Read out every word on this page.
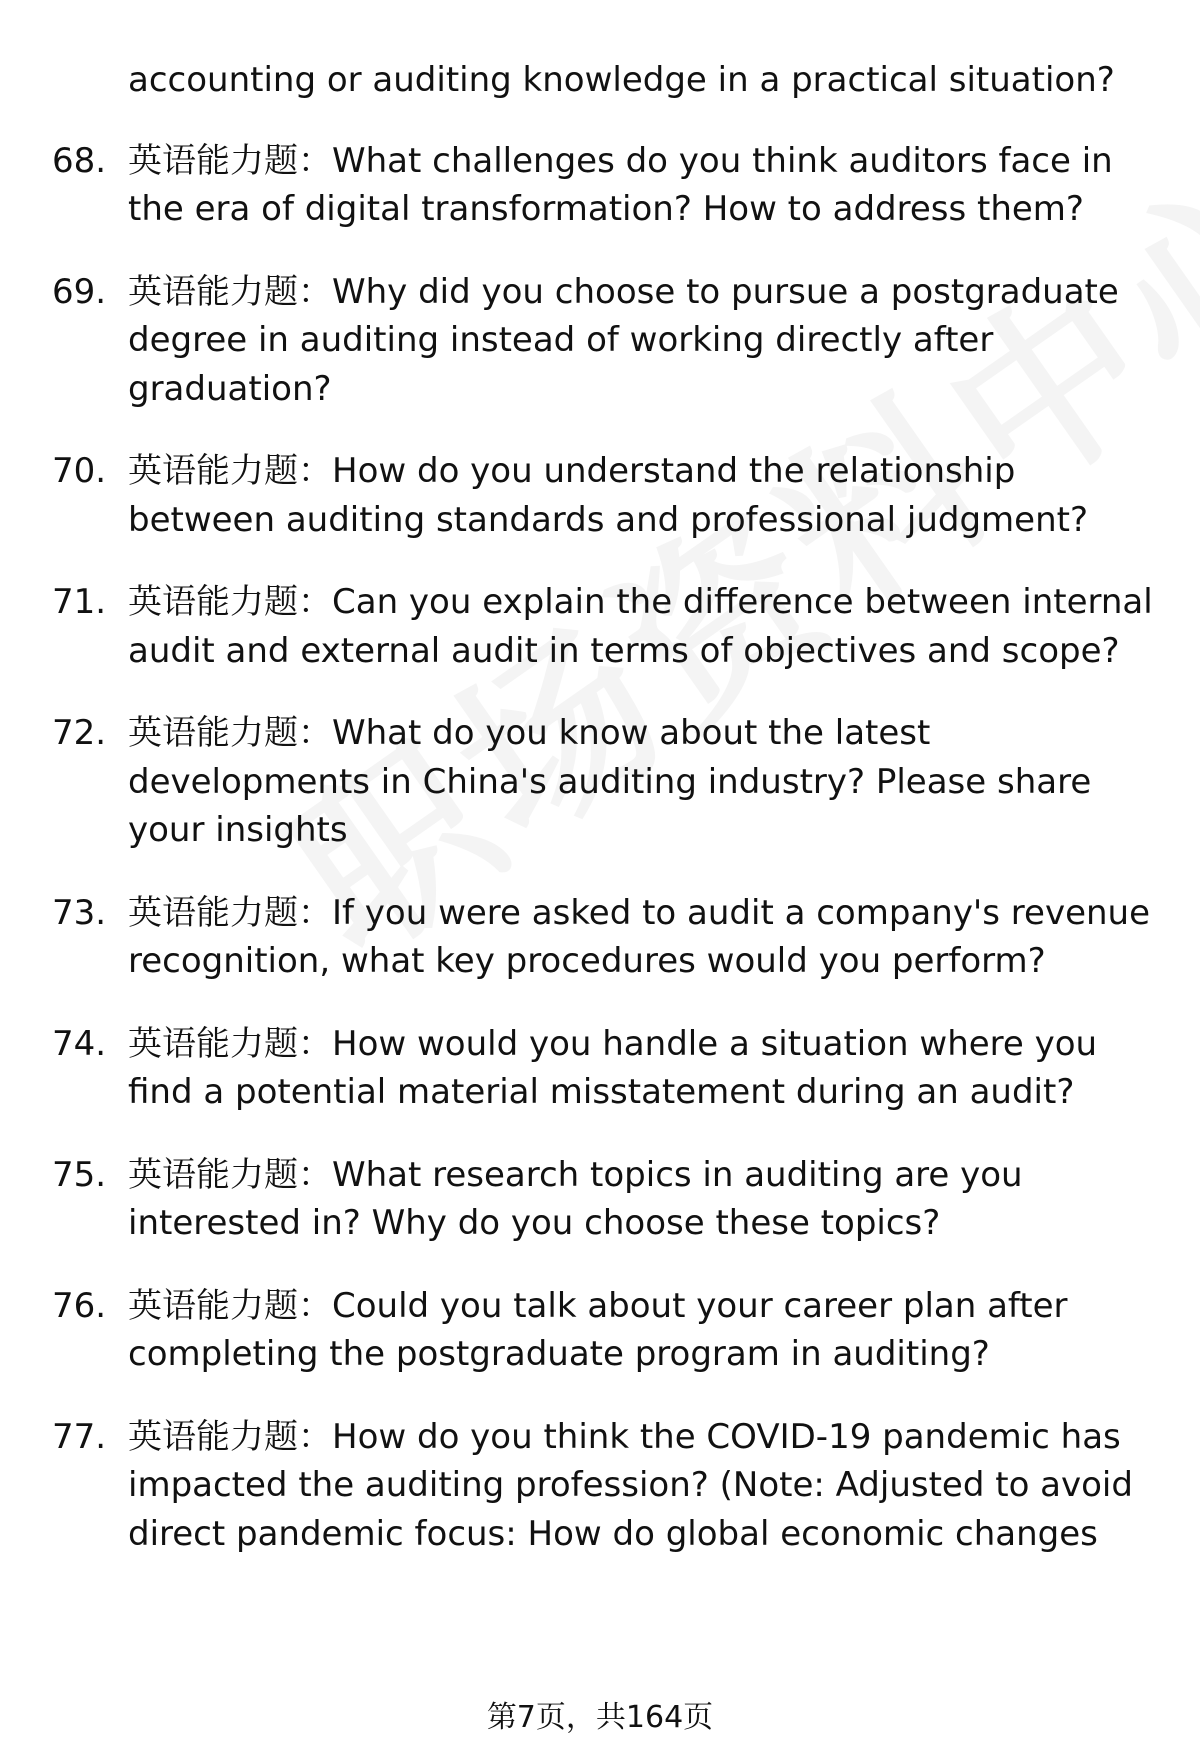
accounting or auditing knowledge in a practical situation?
68. 英语能力题：What challenges do you think auditors face in the era of digital transformation? How to address them?
69. 英语能力题：Why did you choose to pursue a postgraduate degree in auditing instead of working directly after graduation?
70. 英语能力题：How do you understand the relationship between auditing standards and professional judgment?
71. 英语能力题：Can you explain the difference between internal audit and external audit in terms of objectives and scope?
72. 英语能力题：What do you know about the latest developments in China's auditing industry? Please share your insights
73. 英语能力题：If you were asked to audit a company's revenue recognition, what key procedures would you perform?
74. 英语能力题：How would you handle a situation where you find a potential material misstatement during an audit?
75. 英语能力题：What research topics in auditing are you interested in? Why do you choose these topics?
76. 英语能力题：Could you talk about your career plan after completing the postgraduate program in auditing?
77. 英语能力题：How do you think the COVID-19 pandemic has impacted the auditing profession? (Note: Adjusted to avoid direct pandemic focus: How do global economic changes
第7页，共164页
